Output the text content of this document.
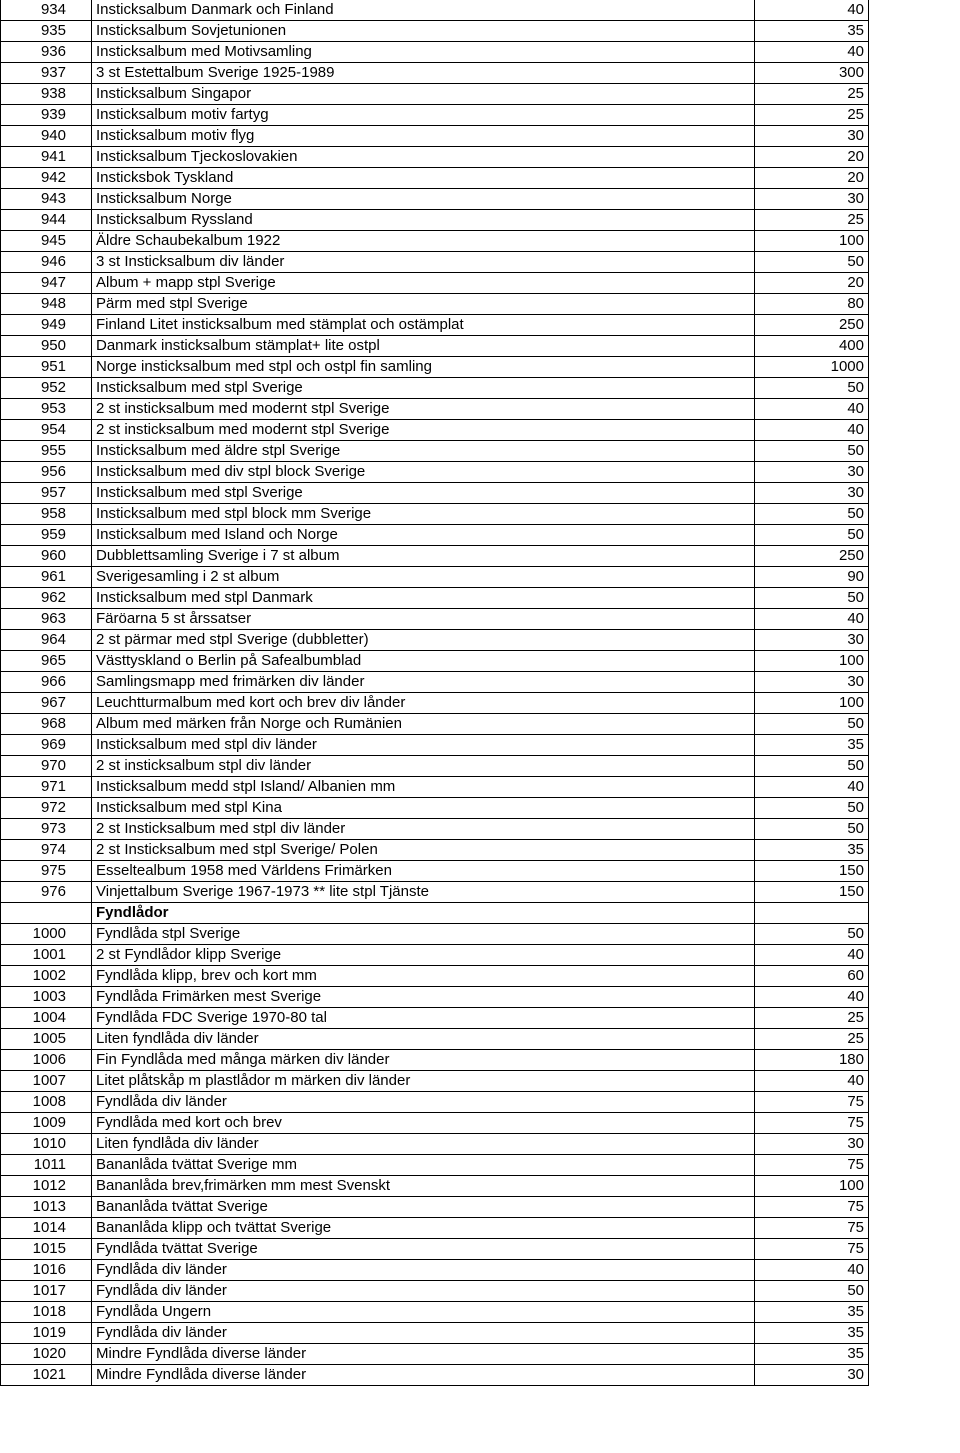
934	Insticksalbum Danmark och Finland	40
935	Insticksalbum Sovjetunionen	35
936	Insticksalbum med Motivsamling	40
937	3 st Estettalbum Sverige 1925-1989	300
938	Insticksalbum Singapor	25
939	Insticksalbum motiv fartyg	25
940	Insticksalbum motiv flyg	30
941	Insticksalbum Tjeckoslovakien	20
942	Insticksbok Tyskland	20
943	Insticksalbum Norge	30
944	Insticksalbum Ryssland	25
945	Äldre Schaubekalbum 1922	100
946	3 st Insticksalbum div länder	50
947	Album + mapp stpl Sverige	20
948	Pärm med stpl Sverige	80
949	Finland Litet insticksalbum med stämplat och ostämplat	250
950	Danmark insticksalbum stämplat+ lite ostpl	400
951	Norge insticksalbum med stpl och ostpl fin samling	1000
952	Insticksalbum med stpl Sverige	50
953	2 st insticksalbum med modernt stpl Sverige	40
954	2 st insticksalbum med modernt stpl Sverige	40
955	Insticksalbum med äldre stpl Sverige	50
956	Insticksalbum med div stpl block Sverige	30
957	Insticksalbum med stpl Sverige	30
958	Insticksalbum med stpl block mm Sverige	50
959	Insticksalbum med Island och Norge	50
960	Dubblettsamling Sverige i 7 st album	250
961	Sverigesamling i 2 st album	90
962	Insticksalbum med stpl Danmark	50
963	Färöarna 5 st årssatser	40
964	2 st pärmar med stpl Sverige (dubbletter)	30
965	Västtyskland o Berlin på Safealbumblad	100
966	Samlingsmapp med frimärken div länder	30
967	Leuchtturmalbum med kort och brev div lånder	100
968	Album med märken från Norge och Rumänien	50
969	Insticksalbum med stpl div länder	35
970	2 st insticksalbum stpl div länder	50
971	Insticksalbum medd stpl Island/ Albanien mm	40
972	Insticksalbum med stpl Kina	50
973	2 st Insticksalbum med stpl div länder	50
974	2 st Insticksalbum med stpl Sverige/ Polen	35
975	Esseltealbum 1958 med Världens Frimärken	150
976	Vinjettalbum Sverige 1967-1973 ** lite stpl Tjänste	150
	Fyndlådor	
1000	Fyndlåda stpl Sverige	50
1001	2 st Fyndlådor klipp Sverige	40
1002	Fyndlåda klipp, brev och kort mm	60
1003	Fyndlåda Frimärken mest Sverige	40
1004	Fyndlåda FDC Sverige 1970-80 tal	25
1005	Liten fyndlåda div länder	25
1006	Fin Fyndlåda med många märken div länder	180
1007	Litet plåtskåp m plastlådor m märken div länder	40
1008	Fyndlåda div länder	75
1009	Fyndlåda med kort och brev	75
1010	Liten fyndlåda div länder	30
1011	Bananlåda tvättat Sverige mm	75
1012	Bananlåda brev,frimärken mm mest Svenskt	100
1013	Bananlåda tvättat Sverige	75
1014	Bananlåda klipp och tvättat Sverige	75
1015	Fyndlåda tvättat Sverige	75
1016	Fyndlåda div länder	40
1017	Fyndlåda div länder	50
1018	Fyndlåda Ungern	35
1019	Fyndlåda div länder	35
1020	Mindre Fyndlåda diverse länder	35
1021	Mindre Fyndlåda diverse länder	30
